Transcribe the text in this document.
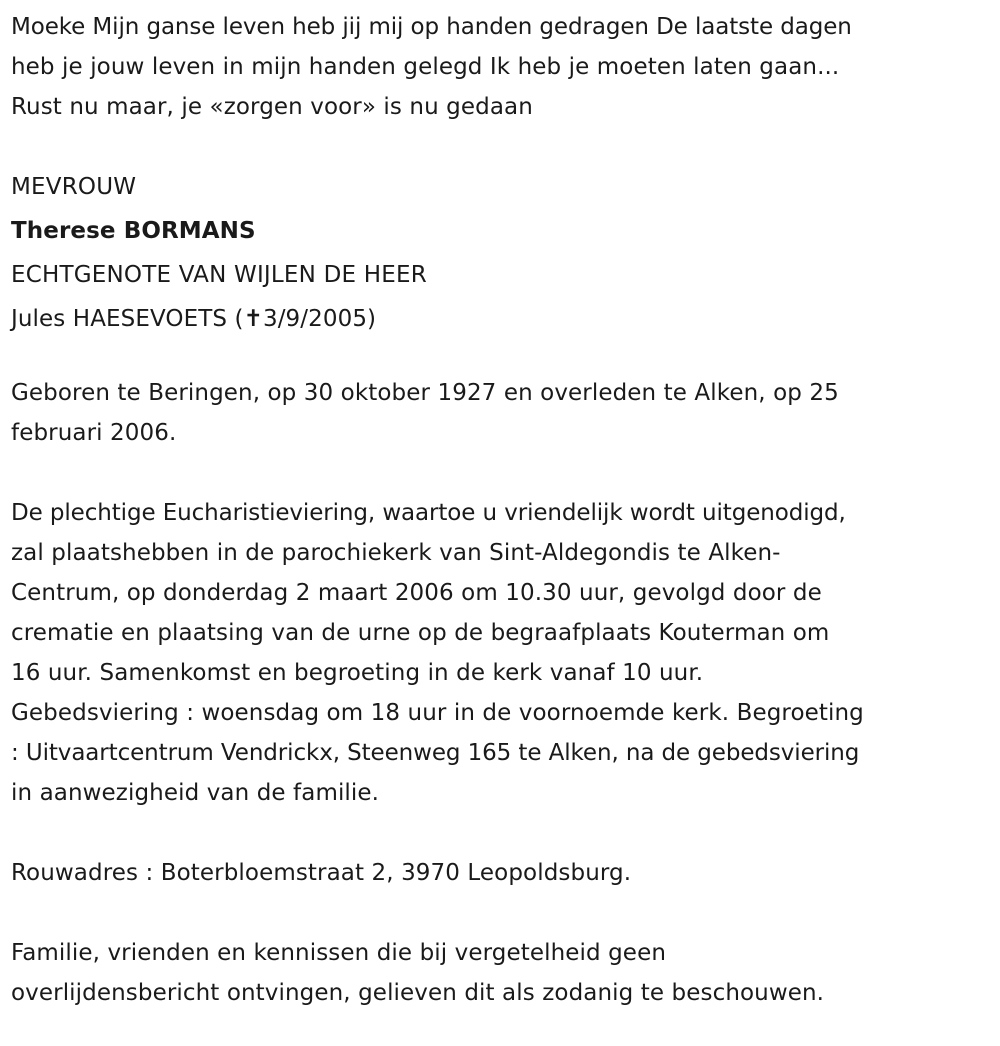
Moeke Mijn ganse leven heb jij mij op handen gedragen De laatste dagen
heb je jouw leven in mijn handen gelegd Ik heb je moeten laten gaan...
Rust nu maar, je «zorgen voor» is nu gedaan
MEVROUW
Therese BORMANS
ECHTGENOTE VAN WIJLEN DE HEER
Jules HAESEVOETS (✝3/9/2005)
Geboren te Beringen, op 30 oktober 1927 en overleden te Alken, op 25
februari 2006.
De plechtige Eucharistieviering, waartoe u vriendelijk wordt uitgenodigd,
zal plaatshebben in de parochiekerk van Sint-Aldegondis te Alken-
Centrum, op donderdag 2 maart 2006 om 10.30 uur, gevolgd door de
crematie en plaatsing van de urne op de begraafplaats Kouterman om
16 uur. Samenkomst en begroeting in de kerk vanaf 10 uur.
Gebedsviering : woensdag om 18 uur in de voornoemde kerk. Begroeting
: Uitvaartcentrum Vendrickx, Steenweg 165 te Alken, na de gebedsviering
in aanwezigheid van de familie.
Rouwadres : Boterbloemstraat 2, 3970 Leopoldsburg.
Familie, vrienden en kennissen die bij vergetelheid geen
overlijdensbericht ontvingen, gelieven dit als zodanig te beschouwen.
